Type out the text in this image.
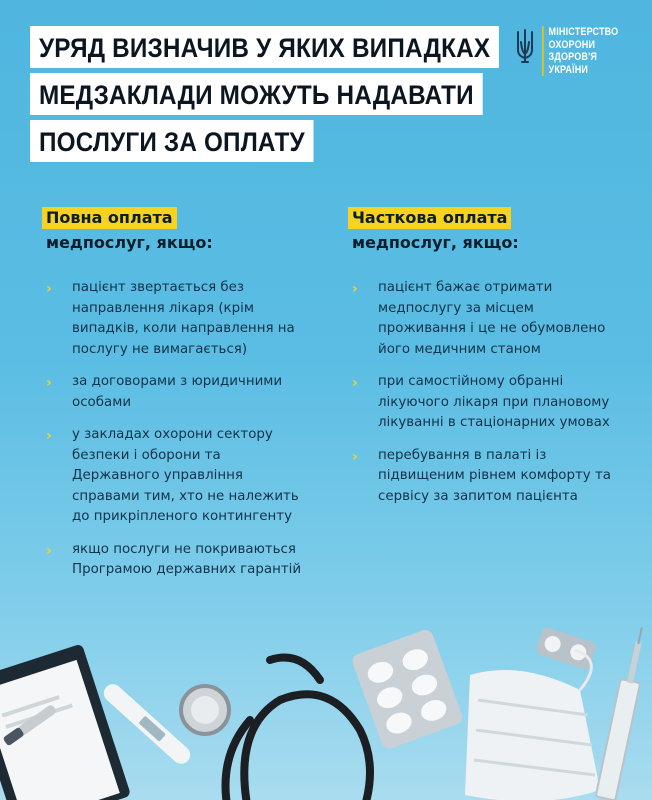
УРЯД ВИЗНАЧИВ У ЯКИХ ВИПАДКАХ
МЕДЗАКЛАДИ МОЖУТЬ НАДАВАТИ
ПОСЛУГИ ЗА ОПЛАТУ
МІНІСТЕРСТВО
ОХОРОНИ
ЗДОРОВ'Я
УКРАЇНИ
Повна оплата
медпослуг, якщо:
› пацієнт звертається без направлення лікаря (крім випадків, коли направлення на послугу не вимагається)
› за договорами з юридичними особами
› у закладах охорони сектору безпеки і оборони та Державного управління справами тим, хто не належить до прикріпленого контингенту
› якщо послуги не покриваються Програмою державних гарантій
Часткова оплата
медпослуг, якщо:
› пацієнт бажає отримати медпослугу за місцем проживання і це не обумовлено його медичним станом
› при самостійному обранні лікуючого лікаря при плановому лікуванні в стаціонарних умовах
› перебування в палаті із підвищеним рівнем комфорту та сервісу за запитом пацієнта
